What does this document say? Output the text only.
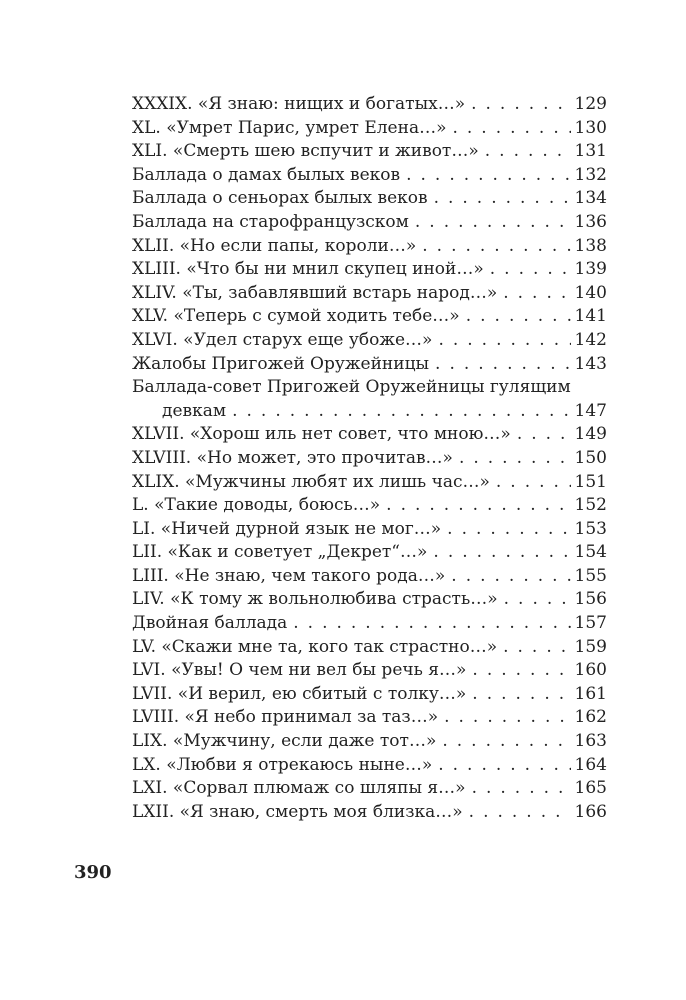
XXXIX. «Я знаю: нищих и богатых…» . . .	129
XL. «Умрет Парис, умрет Елена…» . . .	130
XLI. «Смерть шею вспучит и живот…» . . .	131
Баллада о дамах былых веков . . .	132
Баллада о сеньорах былых веков . . .	134
Баллада на старофранцузском . . .	136
XLII. «Но если папы, короли…» . . .	138
XLIII. «Что бы ни мнил скупец иной…» . . .	139
XLIV. «Ты, забавлявший встарь народ…» . . .	140
XLV. «Теперь с сумой ходить тебе…» . . .	141
XLVI. «Удел старух еще убоже…» . . .	142
Жалобы Пригожей Оружейницы . . .	143
Баллада-совет Пригожей Оружейницы гулящим
девкам . . .	147
XLVII. «Хорош иль нет совет, что мною…» . . .	149
XLVIII. «Но может, это прочитав…» . . .	150
XLIX. «Мужчины любят их лишь час…» . . .	151
L. «Такие доводы, боюсь…» . . .	152
LI. «Ничей дурной язык не мог…» . . .	153
LII. «Как и советует „Декрет“…» . . .	154
LIII. «Не знаю, чем такого рода…» . . .	155
LIV. «К тому ж вольнолюбива страсть…» . . .	156
Двойная баллада . . .	157
LV. «Скажи мне та, кого так страстно…» . . .	159
LVI. «Увы! О чем ни вел бы речь я…» . . .	160
LVII. «И верил, ею сбитый с толку…» . . .	161
LVIII. «Я небо принимал за таз…» . . .	162
LIX. «Мужчину, если даже тот…» . . .	163
LX. «Любви я отрекаюсь ныне…» . . .	164
LXI. «Сорвал плюмаж со шляпы я…» . . .	165
LXII. «Я знаю, смерть моя близка…» . . .	166
390
